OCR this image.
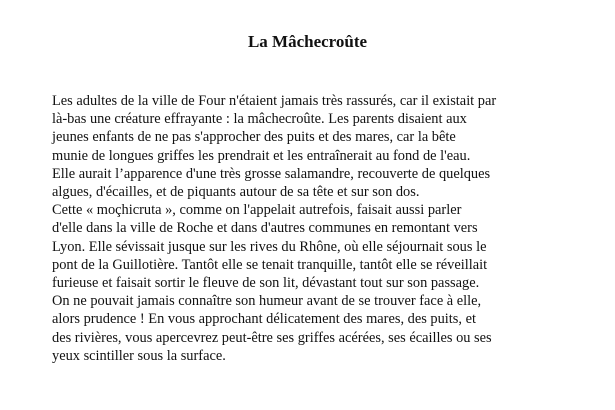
La Mâchecroûte
Les adultes de la ville de Four n'étaient jamais très rassurés, car il existait par
là-bas une créature effrayante : la mâchecroûte. Les parents disaient aux
jeunes enfants de ne pas s'approcher des puits et des mares, car la bête
munie de longues griffes les prendrait et les entraînerait au fond de l'eau.
Elle aurait l’apparence d'une très grosse salamandre, recouverte de quelques
algues, d'écailles, et de piquants autour de sa tête et sur son dos.
Cette « moçhicruta », comme on l'appelait autrefois, faisait aussi parler
d'elle dans la ville de Roche et dans d'autres communes en remontant vers
Lyon. Elle sévissait jusque sur les rives du Rhône, où elle séjournait sous le
pont de la Guillotière. Tantôt elle se tenait tranquille, tantôt elle se réveillait
furieuse et faisait sortir le fleuve de son lit, dévastant tout sur son passage.
On ne pouvait jamais connaître son humeur avant de se trouver face à elle,
alors prudence ! En vous approchant délicatement des mares, des puits, et
des rivières, vous apercevrez peut-être ses griffes acérées, ses écailles ou ses
yeux scintiller sous la surface.
